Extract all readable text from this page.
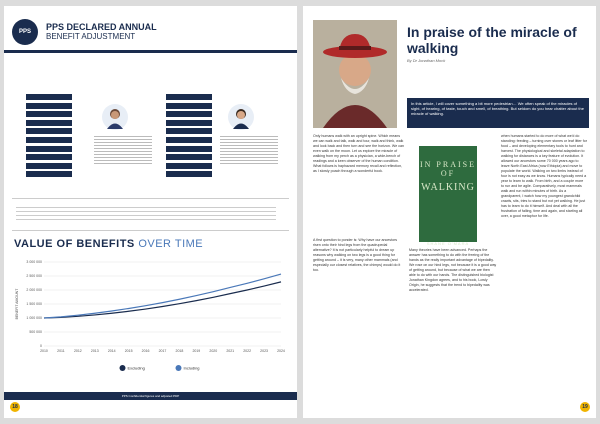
PPS	PPS DECLARED ANNUAL
BENEFIT ADJUSTMENT
VALUE OF BENEFITS OVER TIME
0
500 000
1 000 000
1 500 000
2 000 000
2 500 000
3 000 000
2010	2011	2012	2013	2014	2015	2016	2017	2018	2019	2020	2021	2022	2023	2024
BENEFIT AMOUNT
Excluding	Including
PPS Confidential figures and adjusted PDP
18
In praise of the miracle of walking
By Dr Jonathan Mock
In this article, I will cover something a bit more pedestrian… We often speak of the miracles of sight, of hearing, of taste, touch and smell, of breathing. But seldom do you hear chatter about the miracle of walking.
Only humans walk with an upright spine. Which means we can walk and talk, walk and tour, walk and think, walk and look back and then turn and see the horizon. We can even walk on the moon. Let us explore the miracle of walking from my perch as a physician, a wide-bench of readings and a keen observer of the human condition. What follows is haphazard memory recall and reflection, as I slowly poach through a wonderful book.
A first question to ponder is: Why have our ancestors risen onto their hind legs from the quadrupedal alternative? It is not particularly helpful to dream up reasons why walking on two legs is a good thing for getting around – it is very, many other mammals (and especially our closest relatives, the chimps) would do it too.
IN PRAISE OF
WALKING
SHANE O'MARA
Many theories have been advanced. Perhaps the answer has something to do with the freeing of the hands as the really important advantage of bipedality. We rose on our hind legs, not because it is a good way of getting around, but because of what we are then able to do with our hands. The distinguished biologist Jonathan Kingdon agrees, and to his book, Lowly Origin, he suggests that the trend to bipedality was accelerated.
when humans started to do more of what we'd do standing: feeding – turning over stones or leaf litter for food – and developing elementary tools to hunt and harvest. The physiological and skeletal adaptation to walking for distances is a key feature of evolution. It allowed our ancestors some 70 000 years ago to leave North East Africa (now Ethiopia) and move to populate the world. Walking on two limbs instead of four is not easy as we know. Humans typically need a year to learn to walk. From birth, and a couple more to run and be agile. Comparatively, most mammals walk and run within minutes of birth. As a grandparent, I watch how my youngest grandchild crawls, sits, tries to stand but not yet walking. He just has to learn to do it himself. And deal with all the frustration of falling, time and again, and starting all over, a good metaphor for life.
19
